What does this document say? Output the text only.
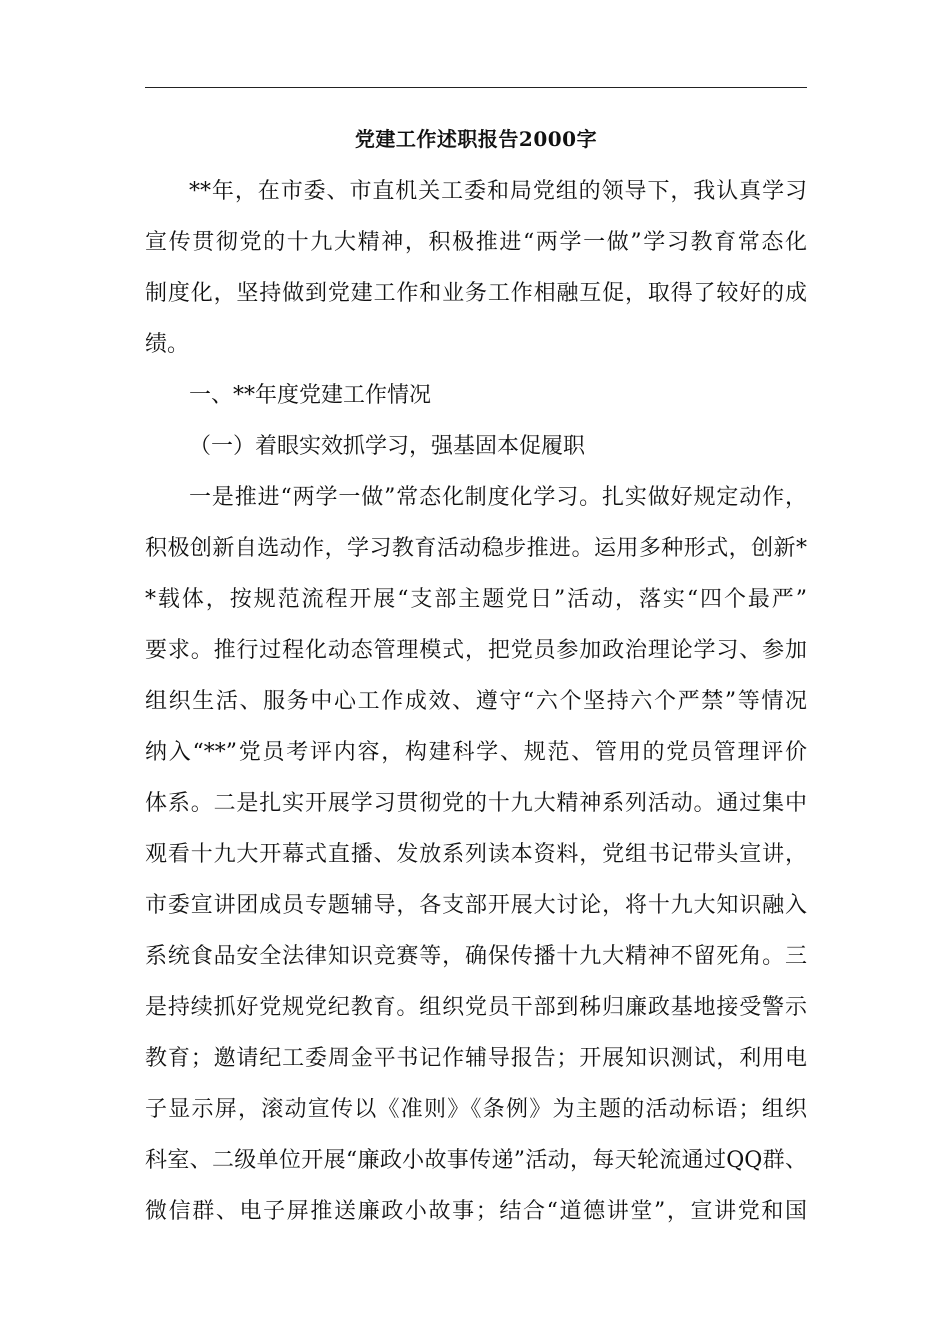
党建工作述职报告2000字
**年，在市委、市直机关工委和局党组的领导下，我认真学习
宣传贯彻党的十九大精神，积极推进“两学一做”学习教育常态化
制度化，坚持做到党建工作和业务工作相融互促，取得了较好的成
绩。
一、**年度党建工作情况
（一）着眼实效抓学习，强基固本促履职
一是推进“两学一做”常态化制度化学习。扎实做好规定动作，
积极创新自选动作，学习教育活动稳步推进。运用多种形式，创新*
*载体，按规范流程开展“支部主题党日”活动，落实“四个最严”
要求。推行过程化动态管理模式，把党员参加政治理论学习、参加
组织生活、服务中心工作成效、遵守“六个坚持六个严禁”等情况
纳入“**”党员考评内容，构建科学、规范、管用的党员管理评价
体系。二是扎实开展学习贯彻党的十九大精神系列活动。通过集中
观看十九大开幕式直播、发放系列读本资料，党组书记带头宣讲，
市委宣讲团成员专题辅导，各支部开展大讨论，将十九大知识融入
系统食品安全法律知识竞赛等，确保传播十九大精神不留死角。三
是持续抓好党规党纪教育。组织党员干部到秭归廉政基地接受警示
教育；邀请纪工委周金平书记作辅导报告；开展知识测试，利用电
子显示屏，滚动宣传以《准则》《条例》为主题的活动标语；组织
科室、二级单位开展“廉政小故事传递”活动，每天轮流通过QQ群、
微信群、电子屏推送廉政小故事；结合“道德讲堂”，宣讲党和国
